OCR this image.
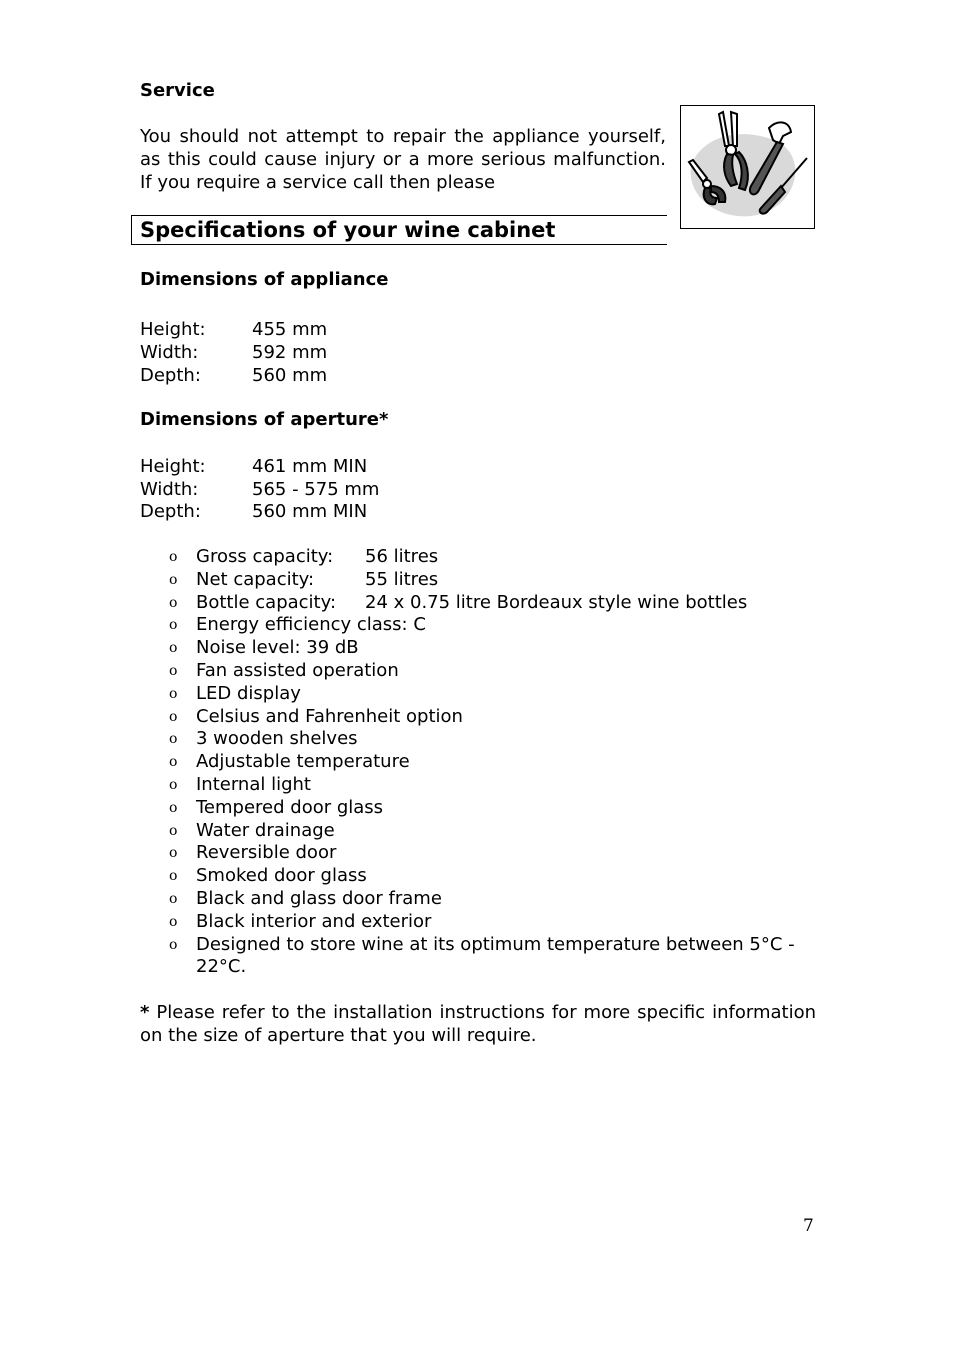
Service
You should not attempt to repair the appliance yourself, as this could cause injury or a more serious malfunction. If you require a service call then please
Specifications of your wine cabinet
Dimensions of appliance
Height:	455 mm
Width:	592 mm
Depth:	560 mm
Dimensions of aperture*
Height:	461 mm MIN
Width:	565 - 575 mm
Depth:	560 mm MIN
o Gross capacity: 56 litres
o Net capacity:	55 litres
o Bottle capacity: 24 x 0.75 litre Bordeaux style wine bottles
o Energy efficiency class: C
o Noise level: 39 dB
o Fan assisted operation
o LED display
o Celsius and Fahrenheit option
o 3 wooden shelves
o Adjustable temperature
o Internal light
o Tempered door glass
o Water drainage
o Reversible door
o Smoked door glass
o Black and glass door frame
o Black interior and exterior
o Designed to store wine at its optimum temperature between 5°C - 22°C.
* Please refer to the installation instructions for more specific information on the size of aperture that you will require.
7
